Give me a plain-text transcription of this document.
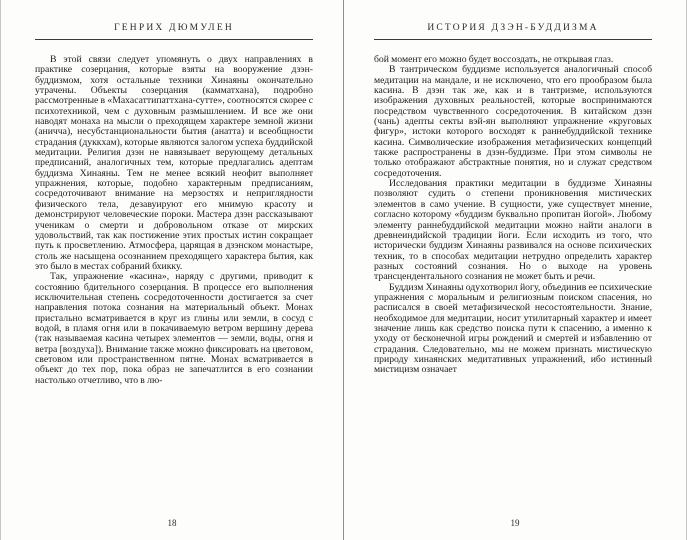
ГЕНРИХ ДЮМУЛЕН

В этой связи следует упомянуть о двух направлениях в практике созерцания, которые взяты на вооружение дзэн-буддизмом, хотя остальные техники Хинаяны окончательно утрачены. Объекты созерцания (камматхана), подробно рассмотренные в «Махасаттипаттхана-сутте», соотносятся скорее с психотехникой, чем с духовным размышлением. И все же они наводят монаха на мысли о преходящем характере земной жизни (аничча), несубстанциональности бытия (анатта) и всеобщности страдания (дуккхам), которые являются залогом успеха буддийской медитации. Религия дзэн не навязывает верующему детальных предписаний, аналогичных тем, которые предлагались адептам буддизма Хинаяны. Тем не менее всякий неофит выполняет упражнения, которые, подобно характерным предписаниям, сосредоточивают внимание на мерзостях и неприглядности физического тела, дезавуируют его мнимую красоту и демонстрируют человеческие пороки. Мастера дзэн рассказывают ученикам о смерти и добровольном отказе от мирских удовольствий, так как постижение этих простых истин сокращает путь к просветлению. Атмосфера, царящая в дзэнском монастыре, столь же насыщена осознанием преходящего характера бытия, как это было в местах собраний бхикку.

Так, упражнение «касина», наряду с другими, приводит к состоянию бдительного созерцания. В процессе его выполнения исключительная степень сосредоточенности достигается за счет направления потока сознания на материальный объект. Монах пристально всматривается в круг из глины или земли, в сосуд с водой, в пламя огня или в покачиваемую ветром вершину дерева (так называемая касина четырех элементов — земли, воды, огня и ветра [воздуха]). Внимание также можно фиксировать на цветовом, световом или пространственном пятне. Монах всматривается в объект до тех пор, пока образ не запечатлится в его сознании настолько отчетливо, что в лю-

18
ИСТОРИЯ ДЗЭН-БУДДИЗМА

бой момент его можно будет воссоздать, не открывая глаз.

В тантрическом буддизме используется аналогичный способ медитации на мандале, и не исключено, что его прообразом была касина. В дзэн так же, как и в тантризме, используются изображения духовных реальностей, которые воспринимаются посредством чувственного сосредоточения. В китайском дзэн (чань) адепты секты вэй-ян выполняют упражнение «круговых фигур», истоки которого восходят к раннебуддийской технике касина. Символические изображения метафизических концепций также распространены в дзэн-буддизме. При этом символы не только отображают абстрактные понятия, но и служат средством сосредоточения.

Исследования практики медитации в буддизме Хинаяны позволяют судить о степени проникновения мистических элементов в само учение. В сущности, уже существует мнение, согласно которому «буддизм буквально пропитан йогой». Любому элементу раннебуддийской медитации можно найти аналоги в древнеиндийской традиции йоги. Если исходить из того, что исторически буддизм Хинаяны развивался на основе психических техник, то в способах медитации нетрудно определить характер разных состояний сознания. Но о выходе на уровень трансцендентального сознания не может быть и речи.

Буддизм Хинаяны одухотворил йогу, объединив ее психические упражнения с моральным и религиозным поиском спасения, но расписался в своей метафизической несостоятельности. Знание, необходимое для медитации, носит утилитарный характер и имеет значение лишь как средство поиска пути к спасению, а именно к уходу от бесконечной игры рождений и смертей и избавлению от страдания. Следовательно, мы не можем признать мистическую природу хинаянских медитативных упражнений, ибо истинный мистицизм означает

19
